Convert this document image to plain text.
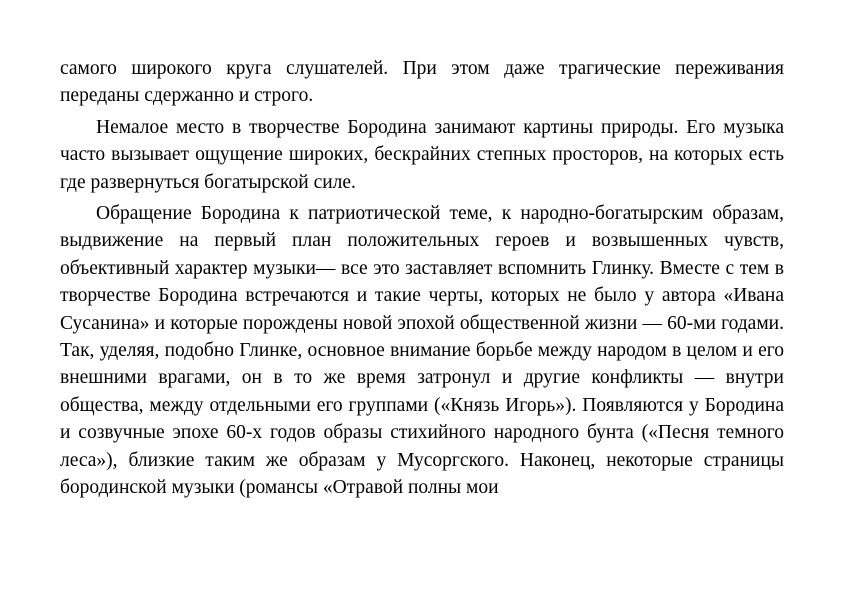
самого широкого круга слушателей. При этом даже трагические переживания переданы сдержанно и строго.

Немалое место в творчестве Бородина занимают картины природы. Его музыка часто вызывает ощущение широких, бескрайних степных просторов, на которых есть где развернуться богатырской силе.

Обращение Бородина к патриотической теме, к народно-богатырским образам, выдвижение на первый план положительных героев и возвышенных чувств, объективный характер музыки— все это заставляет вспомнить Глинку. Вместе с тем в творчестве Бородина встречаются и такие черты, которых не было у автора «Ивана Сусанина» и которые порождены новой эпохой общественной жизни — 60-ми годами. Так, уделяя, подобно Глинке, основное внимание борьбе между народом в целом и его внешними врагами, он в то же время затронул и другие конфликты — внутри общества, между отдельными его группами («Князь Игорь»). Появляются у Бородина и созвучные эпохе 60-х годов образы стихийного народного бунта («Песня темного леса»), близкие таким же образам у Мусоргского. Наконец, некоторые страницы бородинской музыки (романсы «Отравой полны мои
